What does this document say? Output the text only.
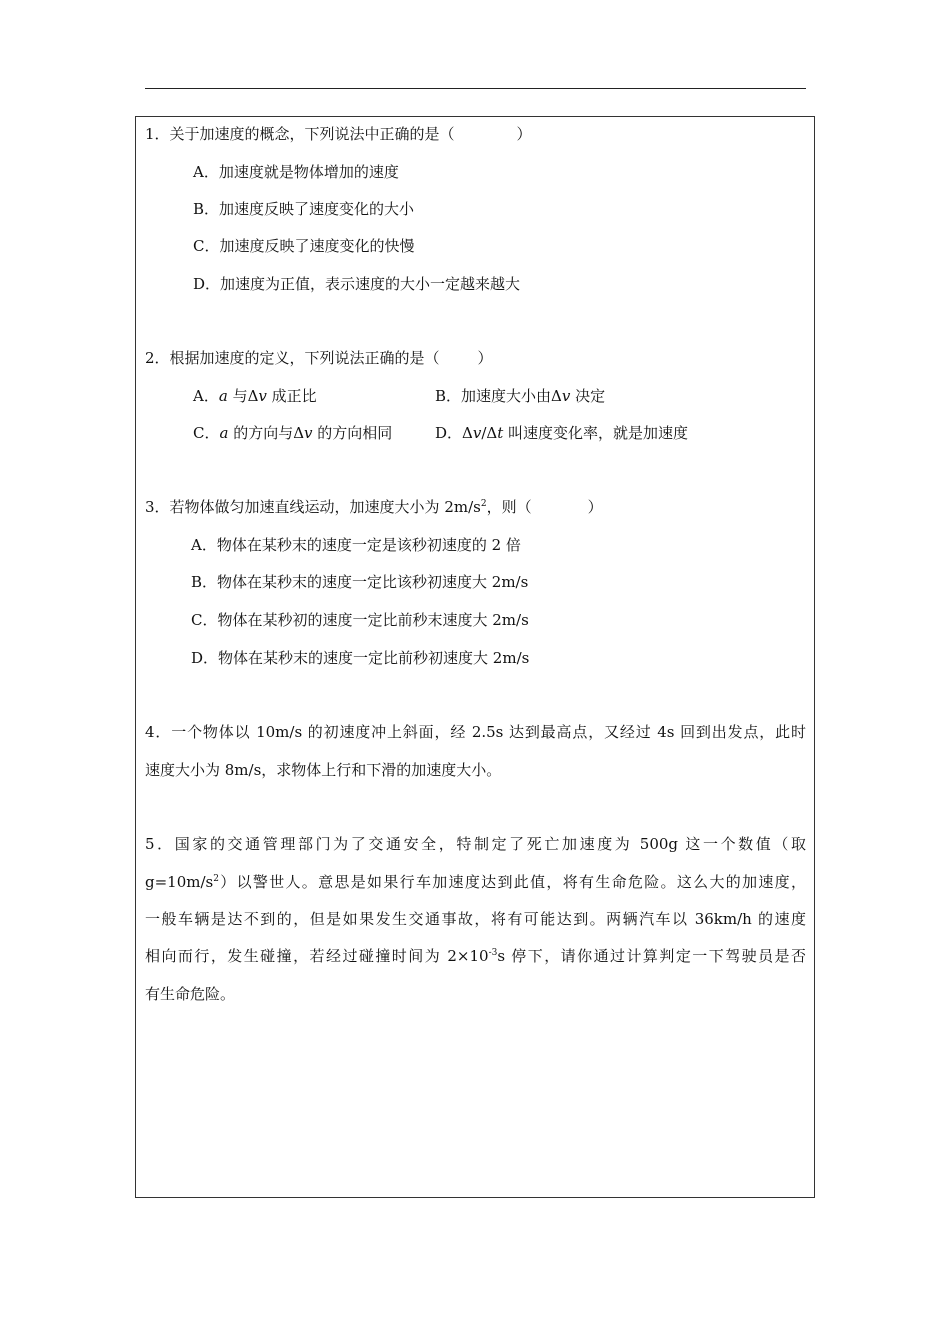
1．关于加速度的概念，下列说法中正确的是（	）
A．加速度就是物体增加的速度
B．加速度反映了速度变化的大小
C．加速度反映了速度变化的快慢
D．加速度为正值，表示速度的大小一定越来越大
2．根据加速度的定义，下列说法正确的是（	）
A．a 与Δv 成正比	B．加速度大小由Δv 决定
C．a 的方向与Δv 的方向相同	D．Δv/Δt 叫速度变化率，就是加速度
3．若物体做匀加速直线运动，加速度大小为 $2m/s^2$，则（	）
A．物体在某秒末的速度一定是该秒初速度的 2 倍
B．物体在某秒末的速度一定比该秒初速度大 2m/s
C．物体在某秒初的速度一定比前秒末速度大 2m/s
D．物体在某秒末的速度一定比前秒初速度大 2m/s
4．一个物体以 10m/s 的初速度冲上斜面，经 2.5s 达到最高点，又经过 4s 回到出发点，此时
速度大小为 8m/s，求物体上行和下滑的加速度大小。
5．国家的交通管理部门为了交通安全，特制定了死亡加速度为 500g 这一个数值（取
$g=10m/s^2$）以警世人。意思是如果行车加速度达到此值，将有生命危险。这么大的加速度，
一般车辆是达不到的，但是如果发生交通事故，将有可能达到。两辆汽车以 36km/h 的速度
相向而行，发生碰撞，若经过碰撞时间为 $2\times 10^{-3}s$ 停下，请你通过计算判定一下驾驶员是否
有生命危险。
